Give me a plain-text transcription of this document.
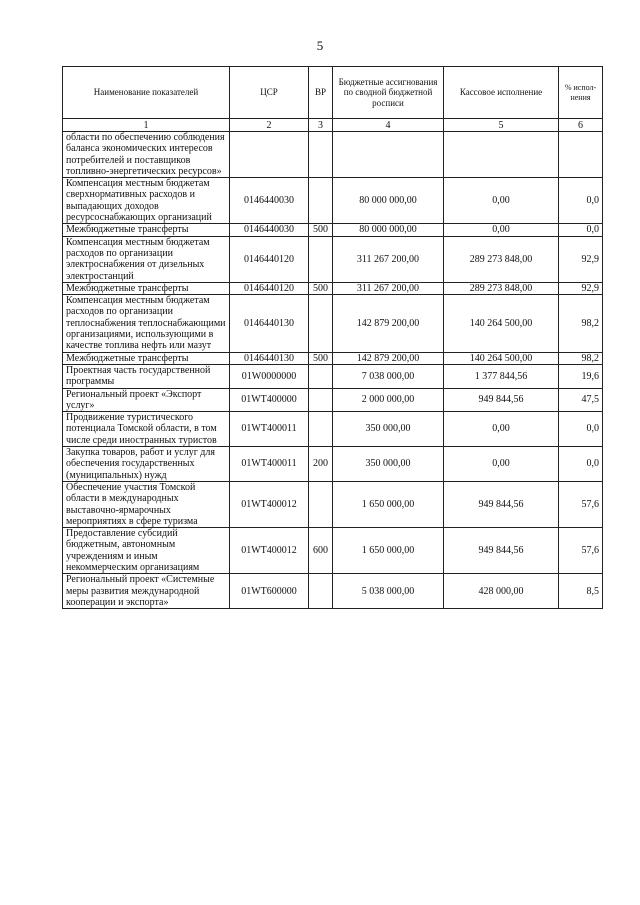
5
Наименование показателей	ЦСР	ВР	Бюджетные ассигнования по сводной бюджетной росписи	Кассовое исполнение	% испол-нения
1	2	3	4	5	6
области по обеспечению соблюдения баланса экономических интересов потребителей и поставщиков топливно-энергетических ресурсов»					
Компенсация местным бюджетам сверхнормативных расходов и выпадающих доходов ресурсоснабжающих организаций	0146440030		80 000 000,00	0,00	0,0
Межбюджетные трансферты	0146440030	500	80 000 000,00	0,00	0,0
Компенсация местным бюджетам расходов по организации электроснабжения от дизельных электростанций	0146440120		311 267 200,00	289 273 848,00	92,9
Межбюджетные трансферты	0146440120	500	311 267 200,00	289 273 848,00	92,9
Компенсация местным бюджетам расходов по организации теплоснабжения теплоснабжающими организациями, использующими в качестве топлива нефть или мазут	0146440130		142 879 200,00	140 264 500,00	98,2
Межбюджетные трансферты	0146440130	500	142 879 200,00	140 264 500,00	98,2
Проектная часть государственной программы	01W0000000		7 038 000,00	1 377 844,56	19,6
Региональный проект «Экспорт услуг»	01WT400000		2 000 000,00	949 844,56	47,5
Продвижение туристического потенциала Томской области, в том числе среди иностранных туристов	01WT400011		350 000,00	0,00	0,0
Закупка товаров, работ и услуг для обеспечения государственных (муниципальных) нужд	01WT400011	200	350 000,00	0,00	0,0
Обеспечение участия Томской области в международных выставочно-ярмарочных мероприятиях в сфере туризма	01WT400012		1 650 000,00	949 844,56	57,6
Предоставление субсидий бюджетным, автономным учреждениям и иным некоммерческим организациям	01WT400012	600	1 650 000,00	949 844,56	57,6
Региональный проект «Системные меры развития международной кооперации и экспорта»	01WT600000		5 038 000,00	428 000,00	8,5
